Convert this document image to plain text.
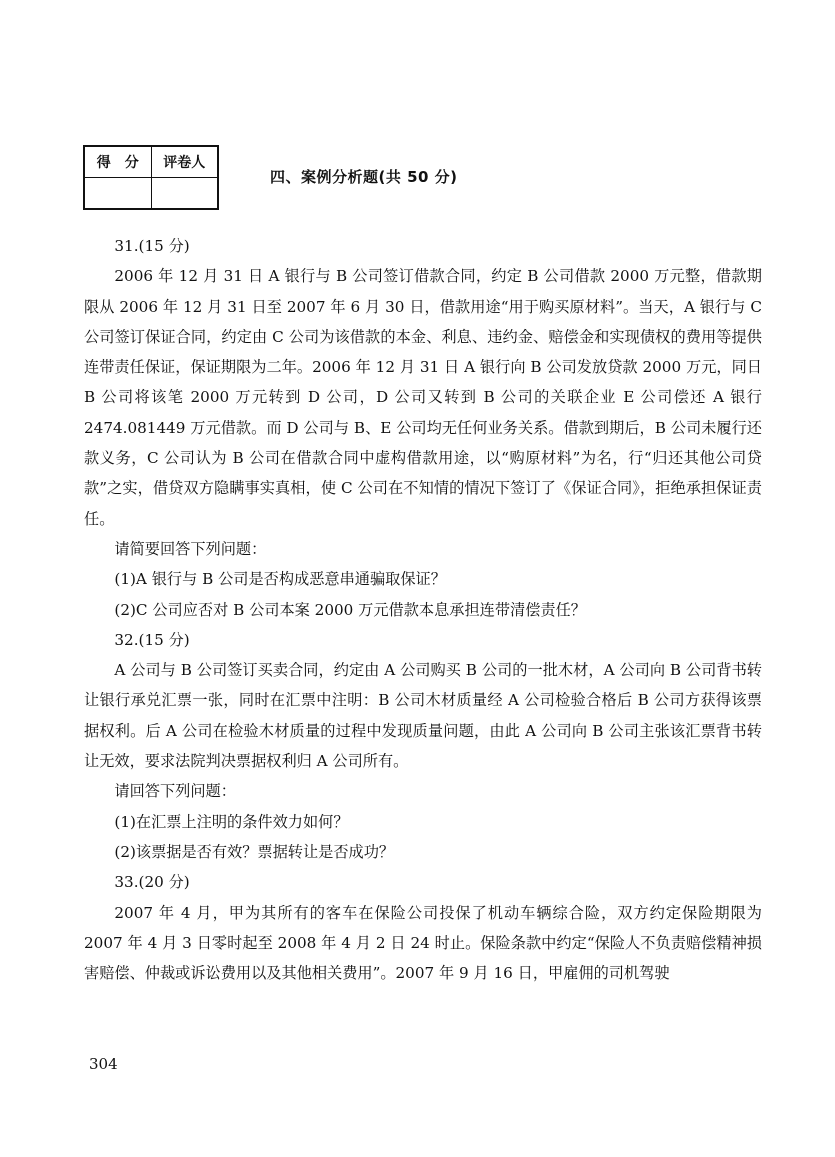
得　分	评卷人

四、案例分析题(共 50 分)

31.(15 分)

2006 年 12 月 31 日 A 银行与 B 公司签订借款合同，约定 B 公司借款 2000 万元整，借款期限从 2006 年 12 月 31 日至 2007 年 6 月 30 日，借款用途“用于购买原材料”。当天，A 银行与 C 公司签订保证合同，约定由 C 公司为该借款的本金、利息、违约金、赔偿金和实现债权的费用等提供连带责任保证，保证期限为二年。2006 年 12 月 31 日 A 银行向 B 公司发放贷款 2000 万元，同日 B 公司将该笔 2000 万元转到 D 公司，D 公司又转到 B 公司的关联企业 E 公司偿还 A 银行 2474.081449 万元借款。而 D 公司与 B、E 公司均无任何业务关系。借款到期后，B 公司未履行还款义务，C 公司认为 B 公司在借款合同中虚构借款用途，以“购原材料”为名，行“归还其他公司贷款”之实，借贷双方隐瞒事实真相，使 C 公司在不知情的情况下签订了《保证合同》，拒绝承担保证责任。

请简要回答下列问题：

(1)A 银行与 B 公司是否构成恶意串通骗取保证？

(2)C 公司应否对 B 公司本案 2000 万元借款本息承担连带清偿责任？

32.(15 分)

A 公司与 B 公司签订买卖合同，约定由 A 公司购买 B 公司的一批木材，A 公司向 B 公司背书转让银行承兑汇票一张，同时在汇票中注明：B 公司木材质量经 A 公司检验合格后 B 公司方获得该票据权利。后 A 公司在检验木材质量的过程中发现质量问题，由此 A 公司向 B 公司主张该汇票背书转让无效，要求法院判决票据权利归 A 公司所有。

请回答下列问题：

(1)在汇票上注明的条件效力如何？

(2)该票据是否有效？票据转让是否成功？

33.(20 分)

2007 年 4 月，甲为其所有的客车在保险公司投保了机动车辆综合险，双方约定保险期限为 2007 年 4 月 3 日零时起至 2008 年 4 月 2 日 24 时止。保险条款中约定“保险人不负责赔偿精神损害赔偿、仲裁或诉讼费用以及其他相关费用”。2007 年 9 月 16 日，甲雇佣的司机驾驶

304
